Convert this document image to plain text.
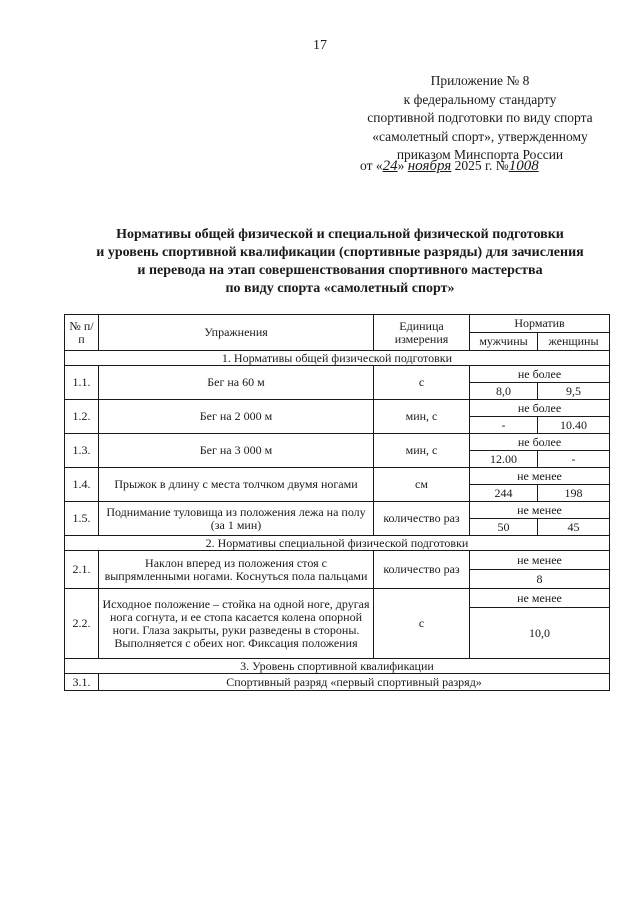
17
Приложение № 8
к федеральному стандарту
спортивной подготовки по виду спорта
«самолетный спорт», утвержденному
приказом Минспорта России
от «24» ноября 2025 г. №1008
Нормативы общей физической и специальной физической подготовки
и уровень спортивной квалификации (спортивные разряды) для зачисления
и перевода на этап совершенствования спортивного мастерства
по виду спорта «самолетный спорт»
№ п/п	Упражнения	Единица измерения	Норматив	
			мужчины	женщины
1. Нормативы общей физической подготовки				
1.1.	Бег на 60 м	с	не более	
			8,0	9,5
1.2.	Бег на 2 000 м	мин, с	не более	
			-	10.40
1.3.	Бег на 3 000 м	мин, с	не более	
			12.00	-
1.4.	Прыжок в длину с места толчком двумя ногами	см	не менее	
			244	198
1.5.	Поднимание туловища из положения лежа на полу (за 1 мин)	количество раз	не менее	
			50	45
2. Нормативы специальной физической подготовки				
2.1.	Наклон вперед из положения стоя с выпрямленными ногами. Коснуться пола пальцами	количество раз	не менее	
			8	
2.2.	Исходное положение – стойка на одной ноге, другая нога согнута, и ее стопа касается колена опорной ноги. Глаза закрыты, руки разведены в стороны. Выполняется с обеих ног. Фиксация положения	с	не менее	
			10,0	
3. Уровень спортивной квалификации				
3.1.	Спортивный разряд «первый спортивный разряд»			
